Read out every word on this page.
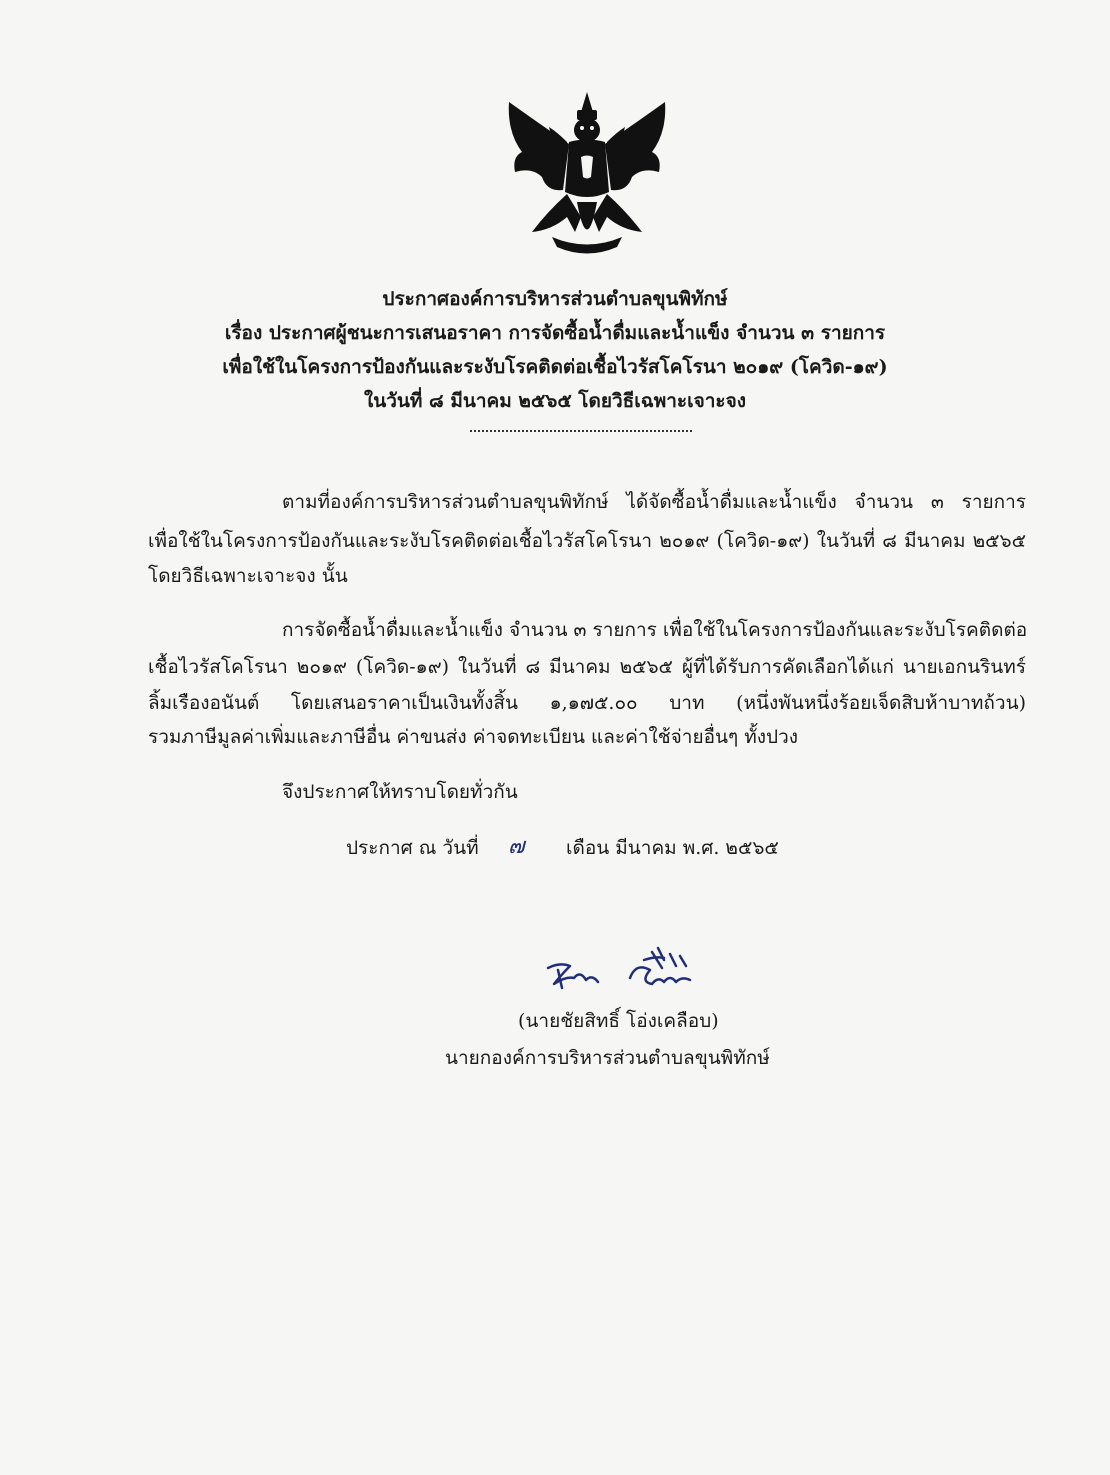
ประกาศองค์การบริหารส่วนตำบลขุนพิทักษ์
เรื่อง ประกาศผู้ชนะการเสนอราคา การจัดซื้อน้ำดื่มและน้ำแข็ง จำนวน ๓ รายการ
เพื่อใช้ในโครงการป้องกันและระงับโรคติดต่อเชื้อไวรัสโคโรนา ๒๐๑๙ (โควิด-๑๙)
ในวันที่ ๘ มีนาคม ๒๕๖๕ โดยวิธีเฉพาะเจาะจง
ตามที่องค์การบริหารส่วนตำบลขุนพิทักษ์ ได้จัดซื้อน้ำดื่มและน้ำแข็ง จำนวน ๓ รายการ
เพื่อใช้ในโครงการป้องกันและระงับโรคติดต่อเชื้อไวรัสโคโรนา ๒๐๑๙ (โควิด-๑๙) ในวันที่ ๘ มีนาคม ๒๕๖๕
โดยวิธีเฉพาะเจาะจง นั้น
การจัดซื้อน้ำดื่มและน้ำแข็ง จำนวน ๓ รายการ เพื่อใช้ในโครงการป้องกันและระงับโรคติดต่อ
เชื้อไวรัสโคโรนา ๒๐๑๙ (โควิด-๑๙) ในวันที่ ๘ มีนาคม ๒๕๖๕ ผู้ที่ได้รับการคัดเลือกได้แก่ นายเอกนรินทร์
ลิ้มเรืองอนันต์ โดยเสนอราคาเป็นเงินทั้งสิ้น ๑,๑๗๕.๐๐ บาท (หนึ่งพันหนึ่งร้อยเจ็ดสิบห้าบาทถ้วน)
รวมภาษีมูลค่าเพิ่มและภาษีอื่น ค่าขนส่ง ค่าจดทะเบียน และค่าใช้จ่ายอื่นๆ ทั้งปวง
จึงประกาศให้ทราบโดยทั่วกัน
ประกาศ ณ วันที่ ๗ เดือน มีนาคม พ.ศ. ๒๕๖๕
(นายชัยสิทธิ์ โอ่งเคลือบ)
นายกองค์การบริหารส่วนตำบลขุนพิทักษ์
